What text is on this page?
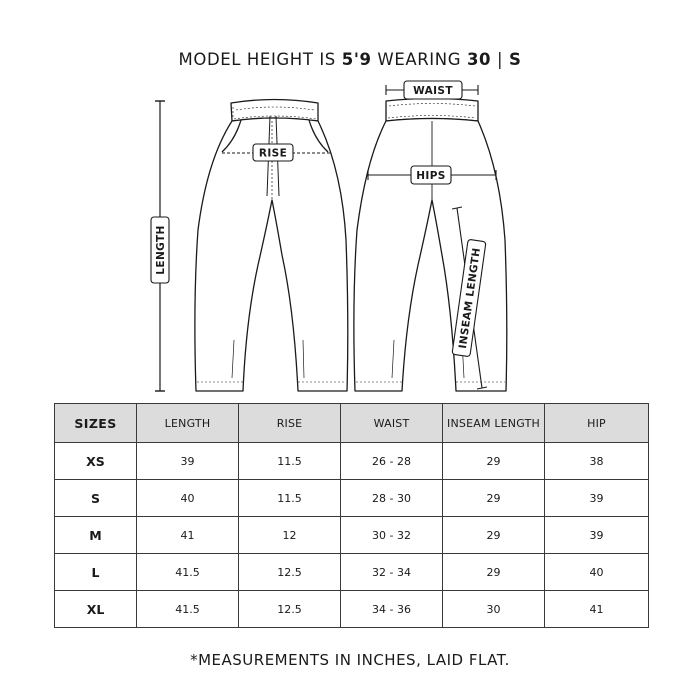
MODEL HEIGHT IS 5'9 WEARING 30 | S
WAIST
RISE
HIPS
LENGTH	INSEAM LENGTH
SIZES	LENGTH	RISE	WAIST	INSEAM LENGTH	HIP
XS	39	11.5	26 - 28	29	38
S	40	11.5	28 - 30	29	39
M	41	12	30 - 32	29	39
L	41.5	12.5	32 - 34	29	40
XL	41.5	12.5	34 - 36	30	41
*MEASUREMENTS IN INCHES, LAID FLAT.
